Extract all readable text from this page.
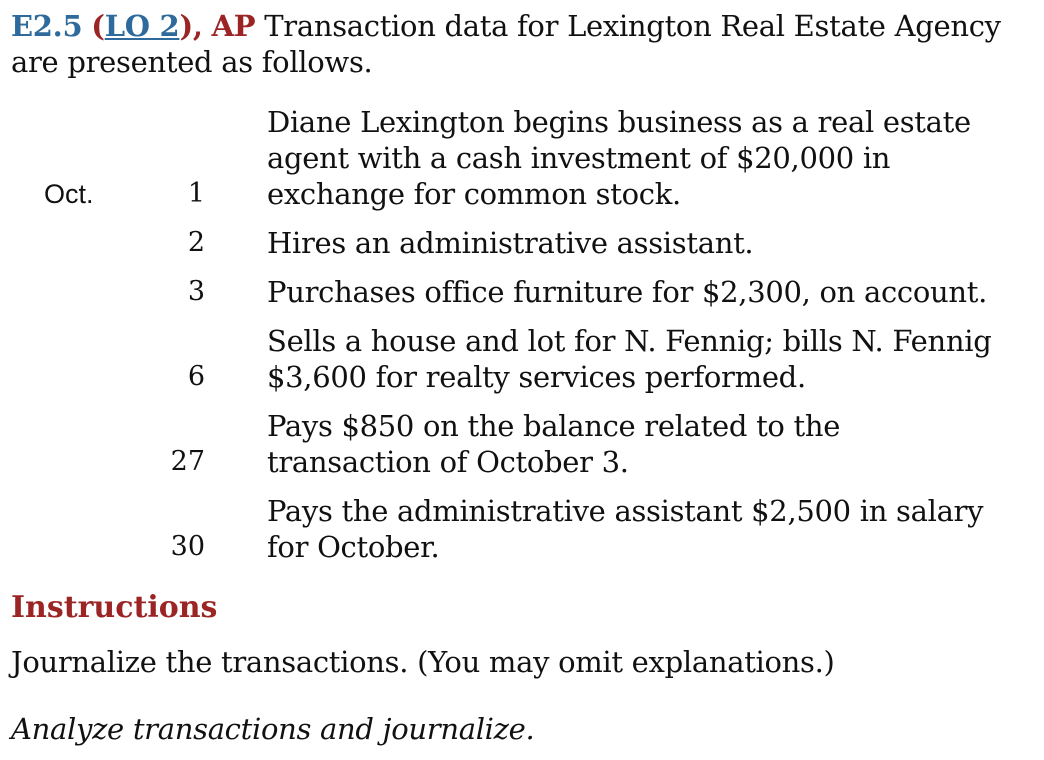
E2.5 (LO 2), AP Transaction data for Lexington Real Estate Agency are presented as follows.
Oct.	1
Diane Lexington begins business as a real estate agent with a cash investment of $20,000 in exchange for common stock.
2 Hires an administrative assistant.
3 Purchases office furniture for $2,300, on account.
6
Sells a house and lot for N. Fennig; bills N. Fennig $3,600 for realty services performed.
27
Pays $850 on the balance related to the transaction of October 3.
30
Pays the administrative assistant $2,500 in salary for October.
Instructions
Journalize the transactions. (You may omit explanations.)
Analyze transactions and journalize.
